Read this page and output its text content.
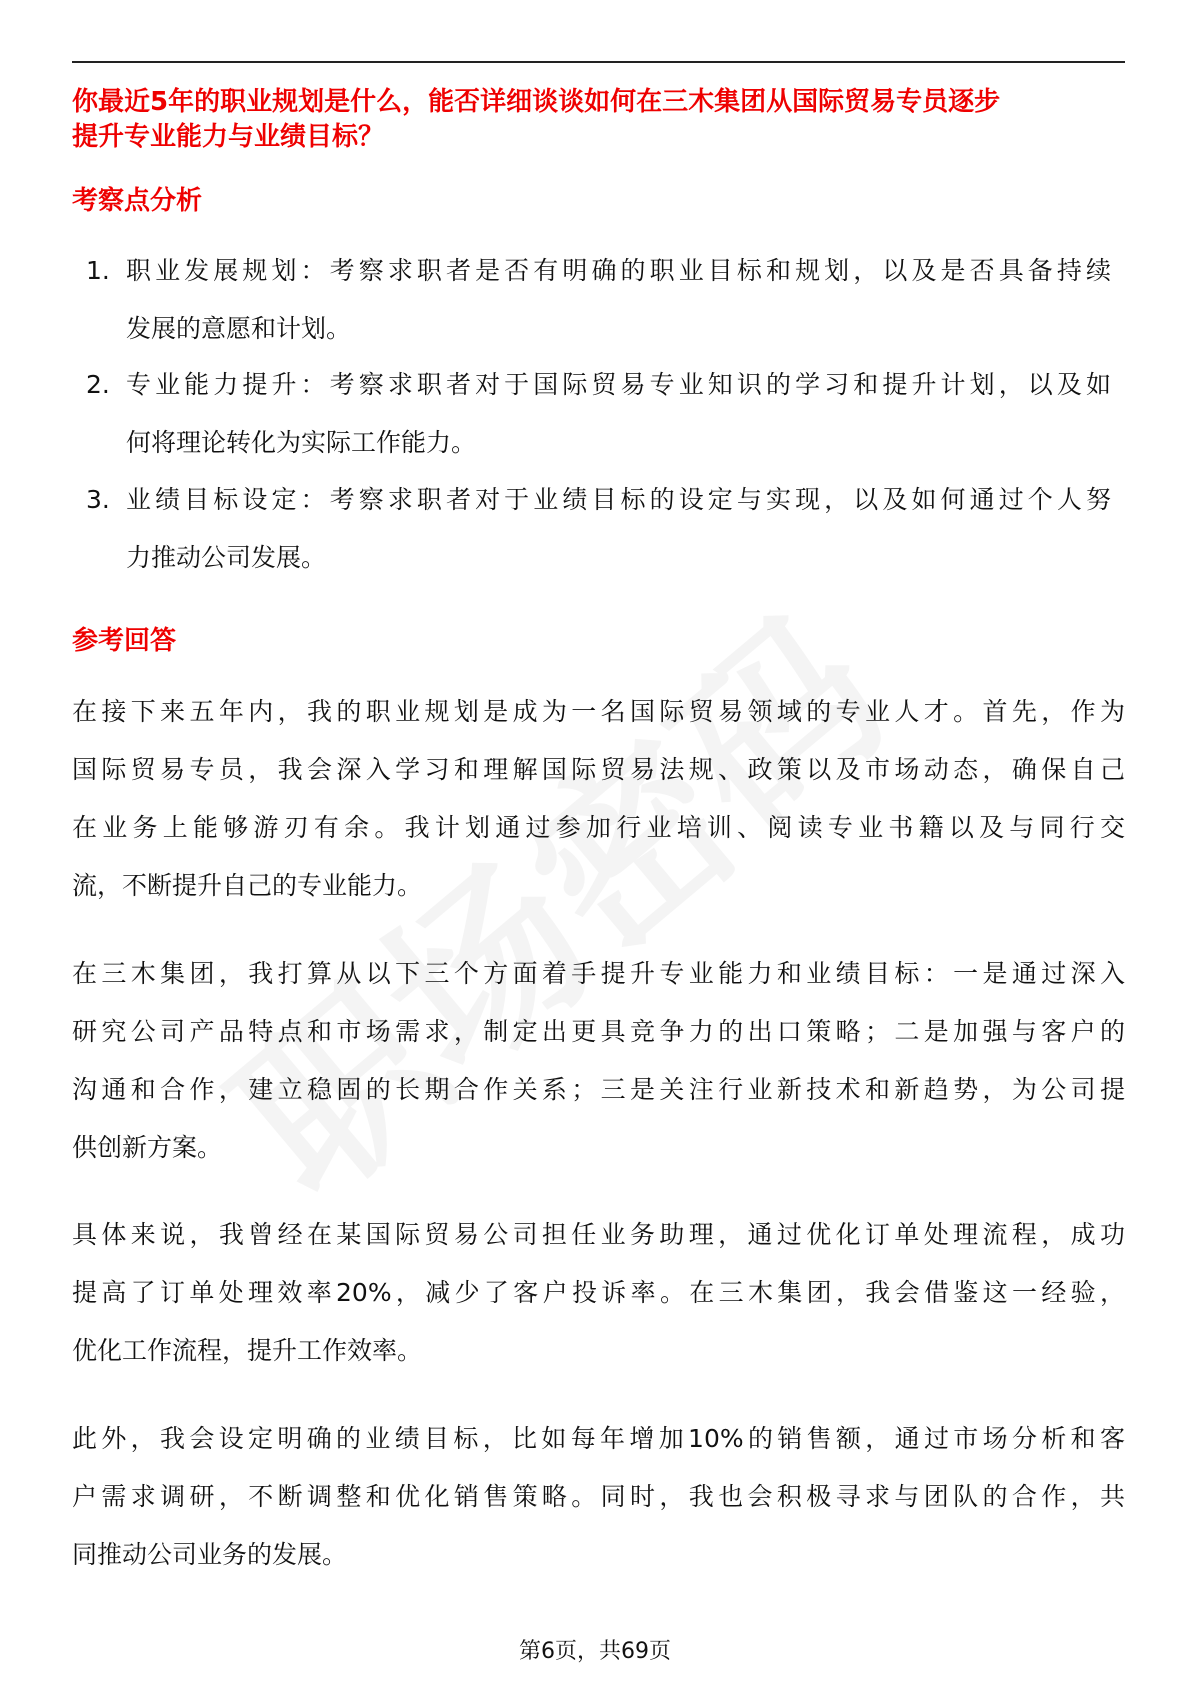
你最近5年的职业规划是什么，能否详细谈谈如何在三木集团从国际贸易专员逐步
提升专业能力与业绩目标？
考察点分析
1. 职业发展规划：考察求职者是否有明确的职业目标和规划，以及是否具备持续
发展的意愿和计划。
2. 专业能力提升：考察求职者对于国际贸易专业知识的学习和提升计划，以及如
何将理论转化为实际工作能力。
3. 业绩目标设定：考察求职者对于业绩目标的设定与实现，以及如何通过个人努
力推动公司发展。
参考回答
在接下来五年内，我的职业规划是成为一名国际贸易领域的专业人才。首先，作为
国际贸易专员，我会深入学习和理解国际贸易法规、政策以及市场动态，确保自己
在业务上能够游刃有余。我计划通过参加行业培训、阅读专业书籍以及与同行交
流，不断提升自己的专业能力。
在三木集团，我打算从以下三个方面着手提升专业能力和业绩目标：一是通过深入
研究公司产品特点和市场需求，制定出更具竞争力的出口策略；二是加强与客户的
沟通和合作，建立稳固的长期合作关系；三是关注行业新技术和新趋势，为公司提
供创新方案。
具体来说，我曾经在某国际贸易公司担任业务助理，通过优化订单处理流程，成功
提高了订单处理效率20%，减少了客户投诉率。在三木集团，我会借鉴这一经验，
优化工作流程，提升工作效率。
此外，我会设定明确的业绩目标，比如每年增加10%的销售额，通过市场分析和客
户需求调研，不断调整和优化销售策略。同时，我也会积极寻求与团队的合作，共
同推动公司业务的发展。
第6页，共69页
